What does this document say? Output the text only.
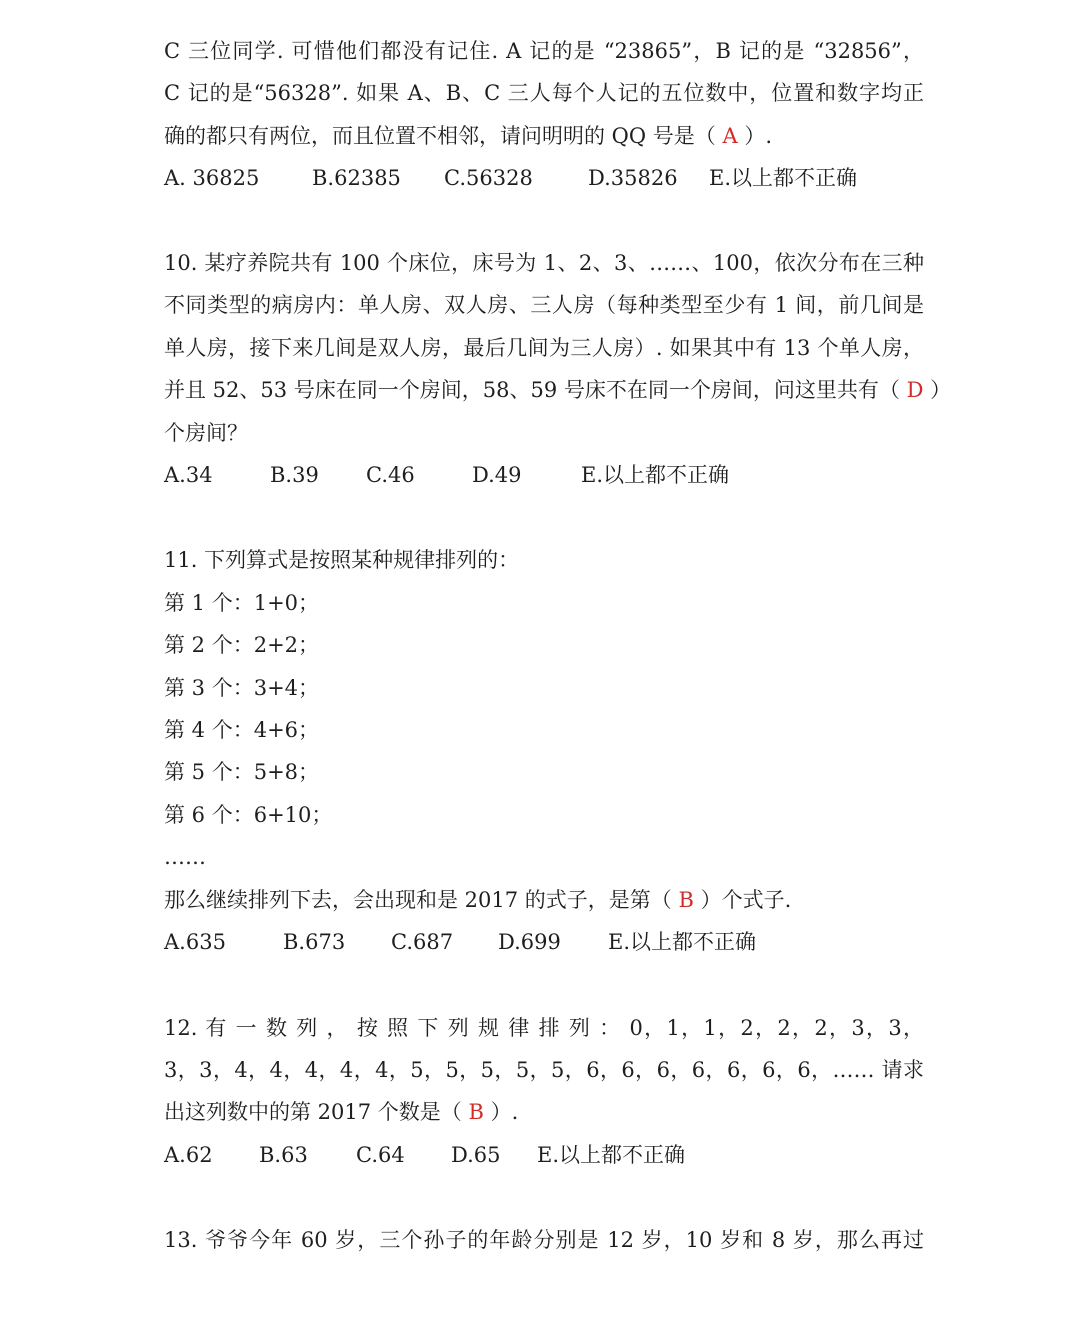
C 三位同学. 可惜他们都没有记住. A 记的是 “23865”，B 记的是 “32856”，
C 记的是“56328”. 如果 A、B、C 三人每个人记的五位数中，位置和数字均正
确的都只有两位，而且位置不相邻，请问明明的 QQ 号是（ A ）.
A. 36825	B.62385 C.56328	D.35826 E.以上都不正确
10. 某疗养院共有 100 个床位，床号为 1、2、3、……、100，依次分布在三种
不同类型的病房内：单人房、双人房、三人房（每种类型至少有 1 间，前几间是
单人房，接下来几间是双人房，最后几间为三人房）. 如果其中有 13 个单人房，
并且 52、53 号床在同一个房间，58、59 号床不在同一个房间，问这里共有（ D ）
个房间？
A.34	B.39 C.46	D.49	E.以上都不正确
11. 下列算式是按照某种规律排列的：
第 1 个：1+0；
第 2 个：2+2；
第 3 个：3+4；
第 4 个：4+6；
第 5 个：5+8；
第 6 个：6+10；
……
那么继续排列下去，会出现和是 2017 的式子，是第（ B ）个式子.
A.635	B.673 C.687 D.699 E.以上都不正确
12. 有 一 数 列 ， 按 照 下 列 规 律 排 列 ： 0，1，1，2，2，2，3，3，
3，3，4，4，4，4，4，5，5，5，5，5，6，6，6，6，6，6，6，…… 请求
出这列数中的第 2017 个数是（ B ）.
A.62 B.63 C.64 D.65 E.以上都不正确
13. 爷爷今年 60 岁，三个孙子的年龄分别是 12 岁，10 岁和 8 岁，那么再过
